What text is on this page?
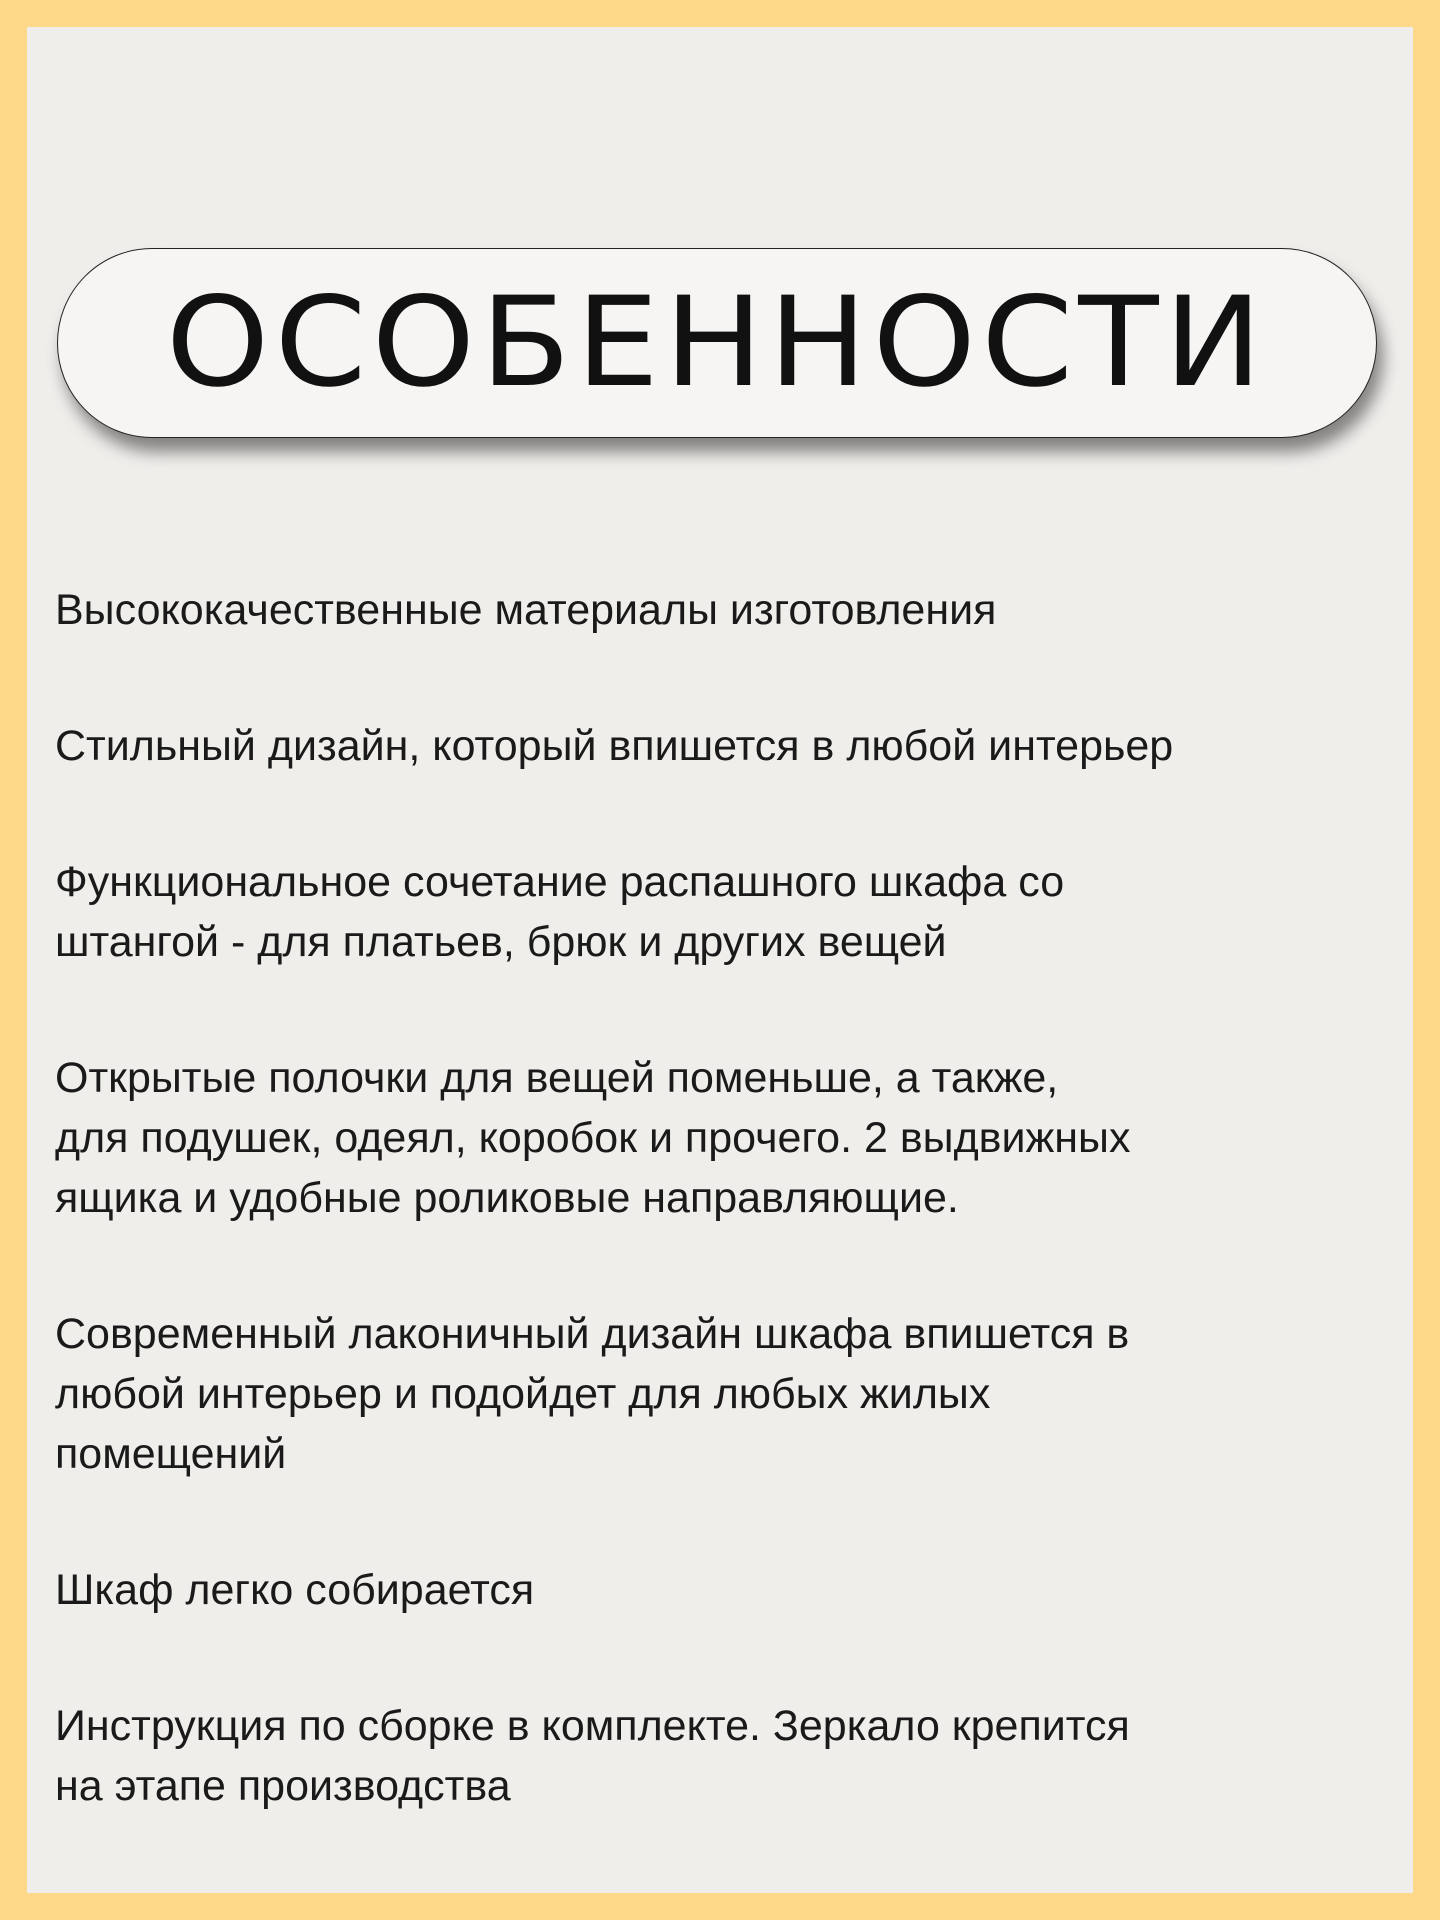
ОСОБЕННОСТИ
Высококачественные материалы изготовления
Стильный дизайн, который впишется в любой интерьер
Функциональное сочетание распашного шкафа со
штангой - для платьев, брюк и других вещей
Открытые полочки для вещей поменьше, а также,
для подушек, одеял, коробок и прочего. 2 выдвижных
ящика и удобные роликовые направляющие.
Современный лаконичный дизайн шкафа впишется в
любой интерьер и подойдет для любых жилых
помещений
Шкаф легко собирается
Инструкция по сборке в комплекте. Зеркало крепится
на этапе производства
